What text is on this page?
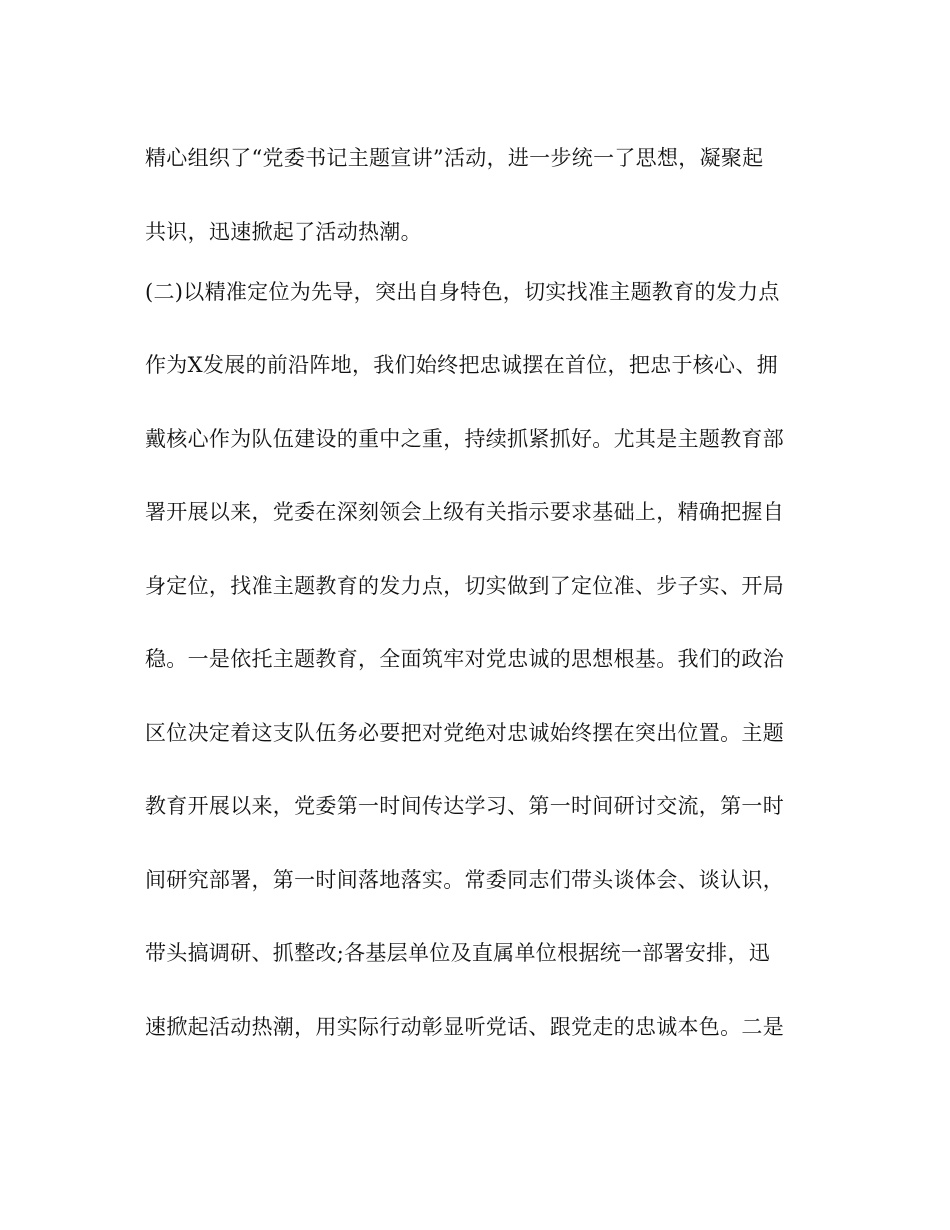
精心组织了“党委书记主题宣讲”活动，进一步统一了思想，凝聚起
共识，迅速掀起了活动热潮。
(二)以精准定位为先导，突出自身特色，切实找准主题教育的发力点
作为X发展的前沿阵地，我们始终把忠诚摆在首位，把忠于核心、拥
戴核心作为队伍建设的重中之重，持续抓紧抓好。尤其是主题教育部
署开展以来，党委在深刻领会上级有关指示要求基础上，精确把握自
身定位，找准主题教育的发力点，切实做到了定位准、步子实、开局
稳。一是依托主题教育，全面筑牢对党忠诚的思想根基。我们的政治
区位决定着这支队伍务必要把对党绝对忠诚始终摆在突出位置。主题
教育开展以来，党委第一时间传达学习、第一时间研讨交流，第一时
间研究部署，第一时间落地落实。常委同志们带头谈体会、谈认识，
带头搞调研、抓整改;各基层单位及直属单位根据统一部署安排，迅
速掀起活动热潮，用实际行动彰显听党话、跟党走的忠诚本色。二是
